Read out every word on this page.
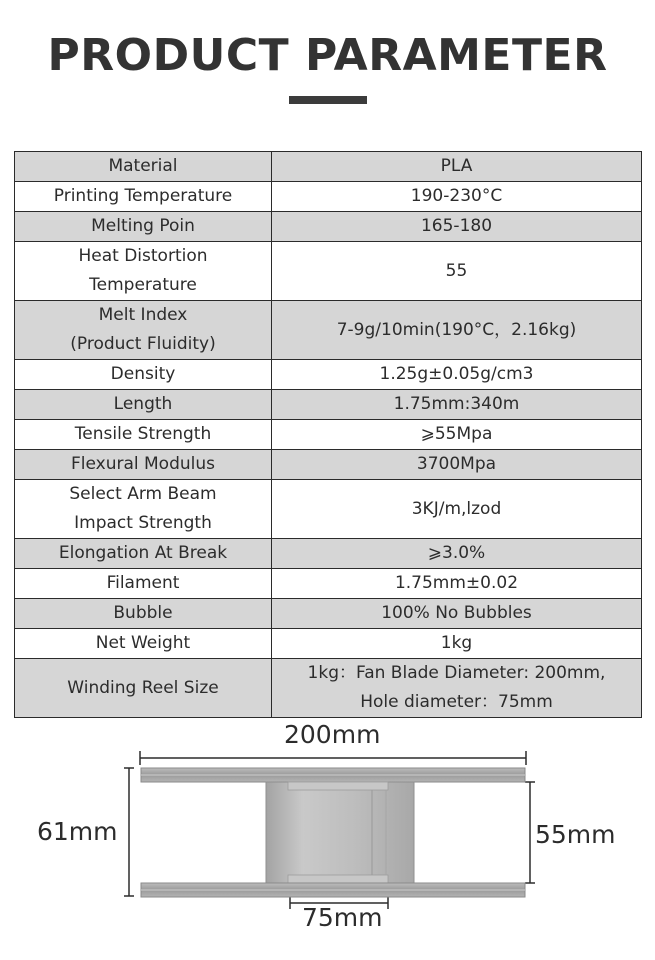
PRODUCT PARAMETER
Material	PLA
Printing Temperature	190-230°C
Melting Poin	165-180
Heat Distortion
Temperature	55
Melt Index
(Product Fluidity)	7-9g/10min(190°C，2.16kg)
Density	1.25g±0.05g/cm3
Length	1.75mm:340m
Tensile Strength	⩾55Mpa
Flexural Modulus	3700Mpa
Select Arm Beam
Impact Strength	3KJ/m,lzod
Elongation At Break	⩾3.0%
Filament	1.75mm±0.02
Bubble	100% No Bubbles
Net Weight	1kg
Winding Reel Size	1kg：Fan Blade Diameter: 200mm,
Hole diameter：75mm
200mm
61mm	55mm
75mm
